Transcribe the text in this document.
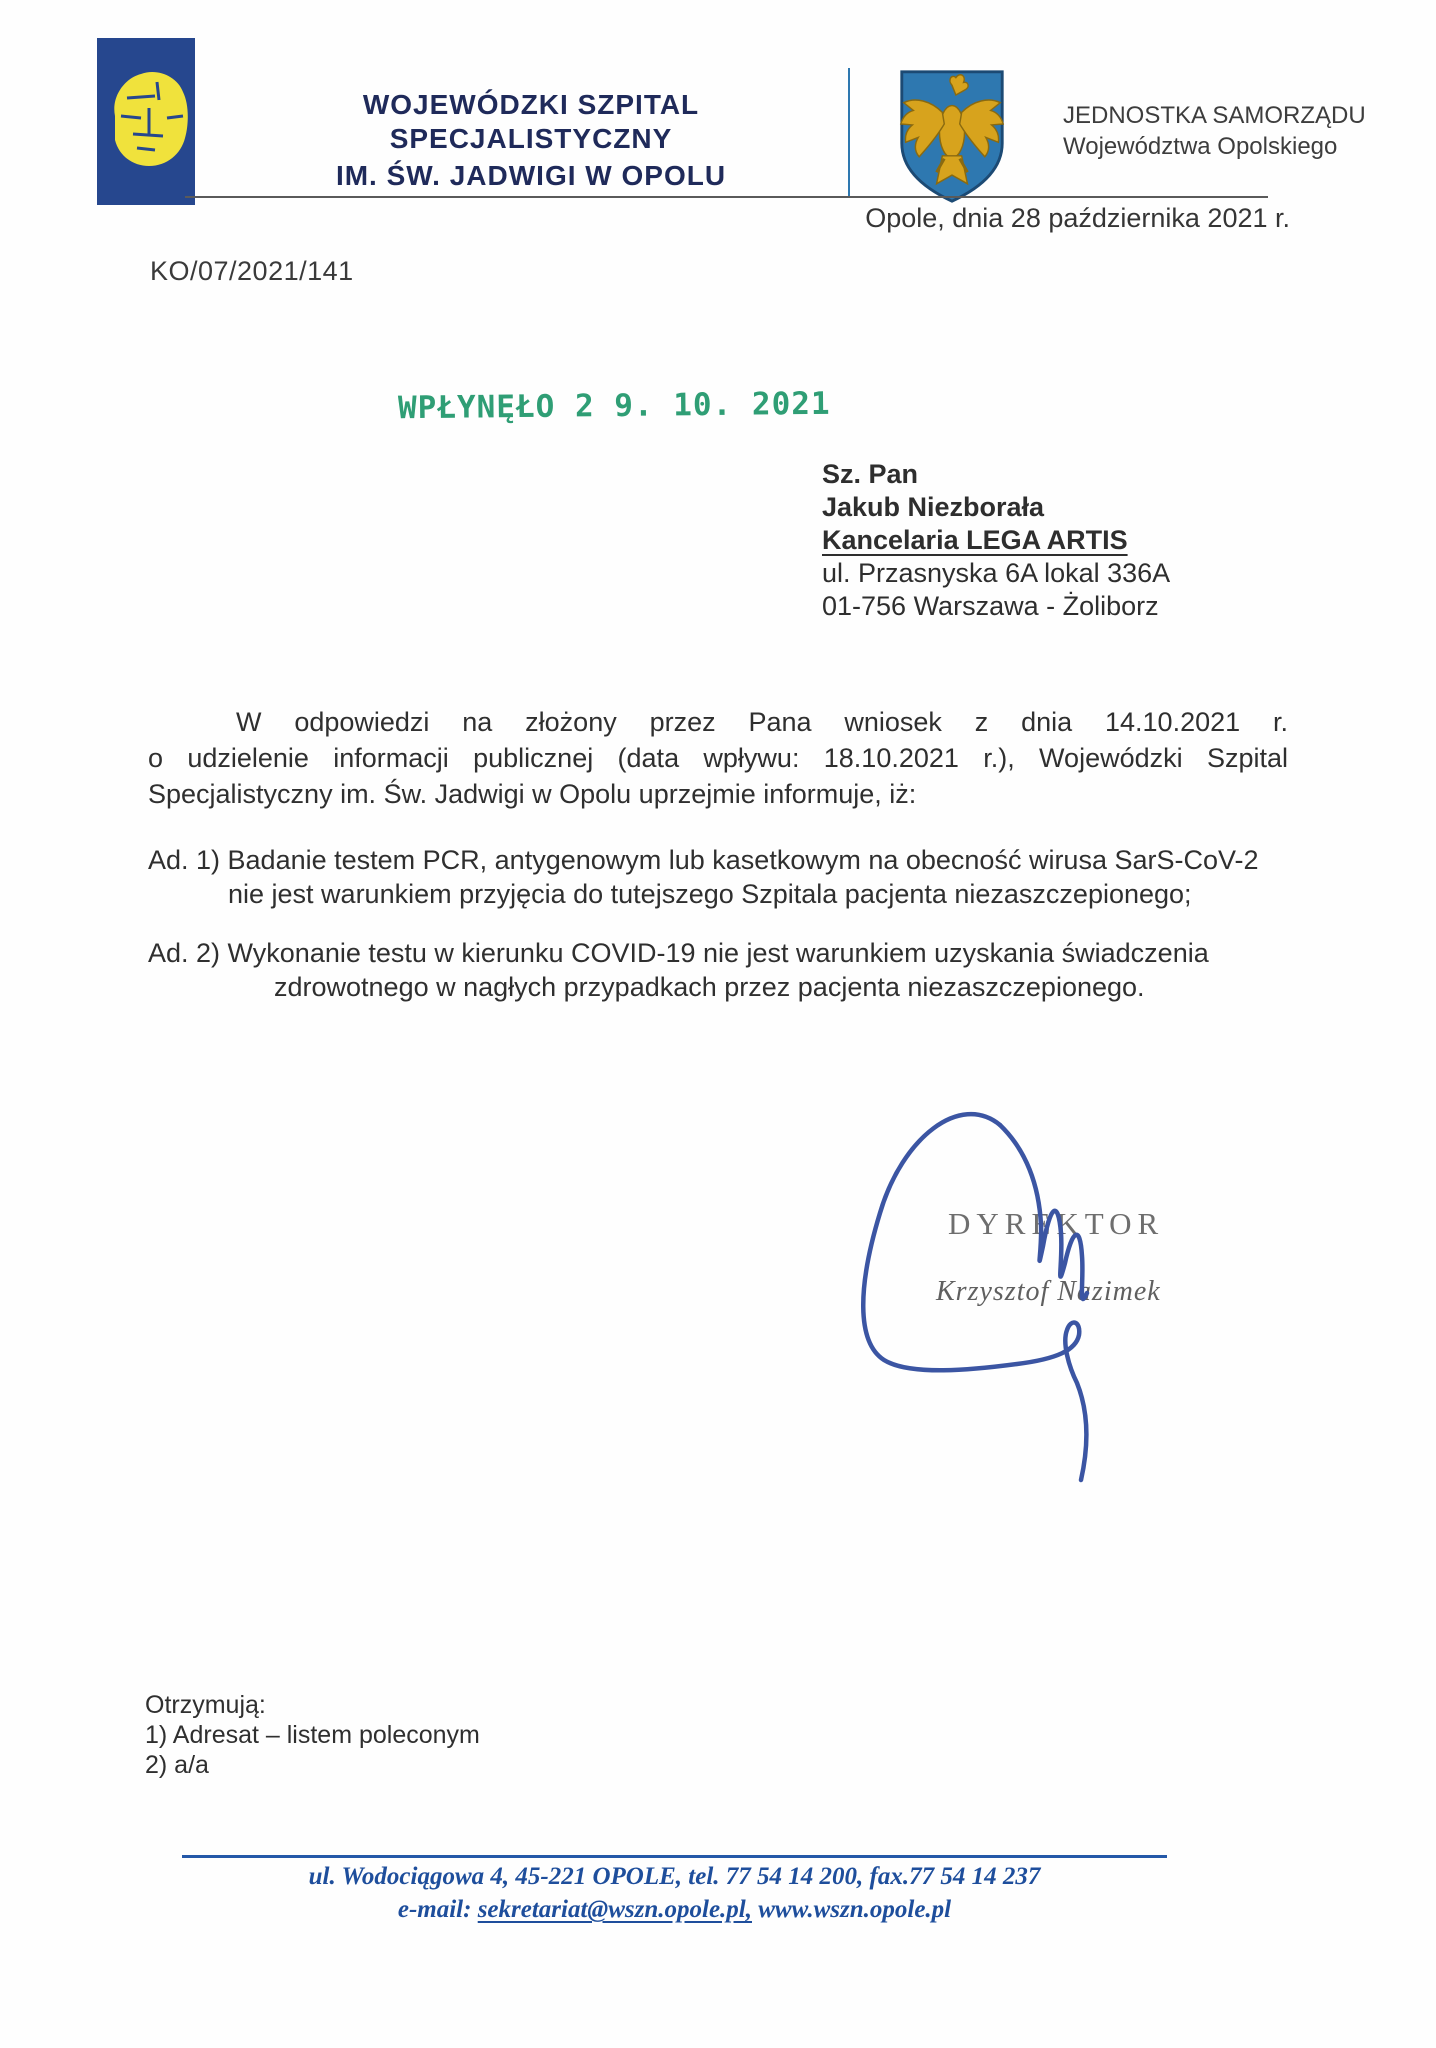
WOJEWÓDZKI SZPITAL SPECJALISTYCZNY
IM. ŚW. JADWIGI W OPOLU
JEDNOSTKA SAMORZĄDU
Województwa Opolskiego
Opole, dnia 28 października 2021 r.
KO/07/2021/141
WPŁYNĘŁO 2 9. 10. 2021
Sz. Pan
Jakub Niezborała
Kancelaria LEGA ARTIS
ul. Przasnyska 6A lokal 336A
01-756 Warszawa - Żoliborz
W odpowiedzi na złożony przez Pana wniosek z dnia 14.10.2021 r.
o udzielenie informacji publicznej (data wpływu: 18.10.2021 r.), Wojewódzki Szpital
Specjalistyczny im. Św. Jadwigi w Opolu uprzejmie informuje, iż:
Ad. 1) Badanie testem PCR, antygenowym lub kasetkowym na obecność wirusa SarS-CoV-2
nie jest warunkiem przyjęcia do tutejszego Szpitala pacjenta niezaszczepionego;
Ad. 2) Wykonanie testu w kierunku COVID-19 nie jest warunkiem uzyskania świadczenia
zdrowotnego w nagłych przypadkach przez pacjenta niezaszczepionego.
DYREKTOR
Krzysztof Nazimek
Otrzymują:
1) Adresat – listem poleconym
2) a/a
ul. Wodociągowa 4, 45-221 OPOLE, tel. 77 54 14 200, fax.77 54 14 237
e-mail: sekretariat@wszn.opole.pl, www.wszn.opole.pl
